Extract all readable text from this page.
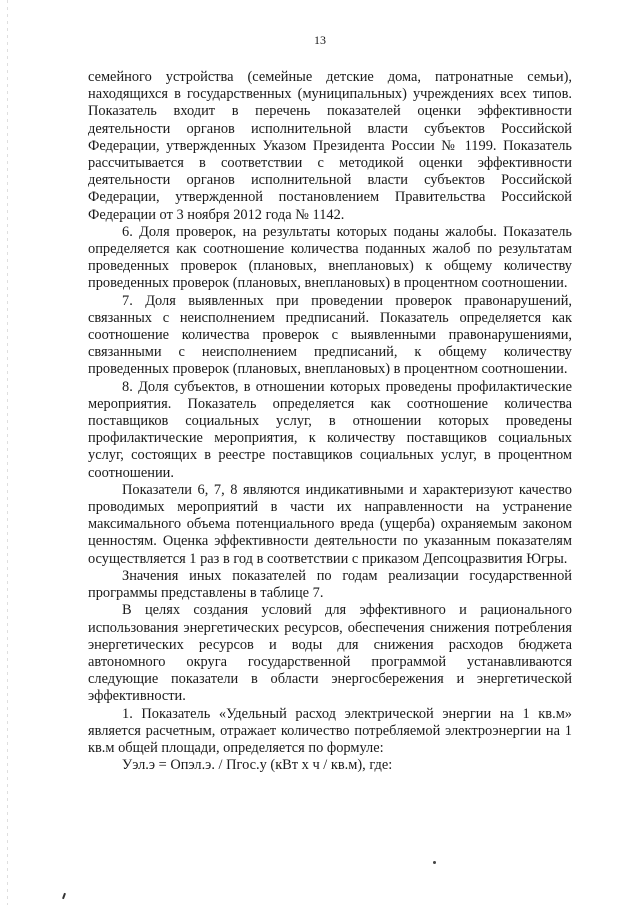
13

семейного устройства (семейные детские дома, патронатные семьи), находящихся в государственных (муниципальных) учреждениях всех типов. Показатель входит в перечень показателей оценки эффективности деятельности органов исполнительной власти субъектов Российской Федерации, утвержденных Указом Президента России № 1199. Показатель рассчитывается в соответствии с методикой оценки эффективности деятельности органов исполнительной власти субъектов Российской Федерации, утвержденной постановлением Правительства Российской Федерации от 3 ноября 2012 года № 1142.

6. Доля проверок, на результаты которых поданы жалобы. Показатель определяется как соотношение количества поданных жалоб по результатам проведенных проверок (плановых, внеплановых) к общему количеству проведенных проверок (плановых, внеплановых) в процентном соотношении.

7. Доля выявленных при проведении проверок правонарушений, связанных с неисполнением предписаний. Показатель определяется как соотношение количества проверок с выявленными правонарушениями, связанными с неисполнением предписаний, к общему количеству проведенных проверок (плановых, внеплановых) в процентном соотношении.

8. Доля субъектов, в отношении которых проведены профилактические мероприятия. Показатель определяется как соотношение количества поставщиков социальных услуг, в отношении которых проведены профилактические мероприятия, к количеству поставщиков социальных услуг, состоящих в реестре поставщиков социальных услуг, в процентном соотношении.

Показатели 6, 7, 8 являются индикативными и характеризуют качество проводимых мероприятий в части их направленности на устранение максимального объема потенциального вреда (ущерба) охраняемым законом ценностям. Оценка эффективности деятельности по указанным показателям осуществляется 1 раз в год в соответствии с приказом Депсоцразвития Югры.

Значения иных показателей по годам реализации государственной программы представлены в таблице 7.

В целях создания условий для эффективного и рационального использования энергетических ресурсов, обеспечения снижения потребления энергетических ресурсов и воды для снижения расходов бюджета автономного округа государственной программой устанавливаются следующие показатели в области энергосбережения и энергетической эффективности.

1. Показатель «Удельный расход электрической энергии на 1 кв.м» является расчетным, отражает количество потребляемой электроэнергии на 1 кв.м общей площади, определяется по формуле:

Уэл.э = Опэл.э. / Пгос.у (кВт х ч / кв.м), где:
